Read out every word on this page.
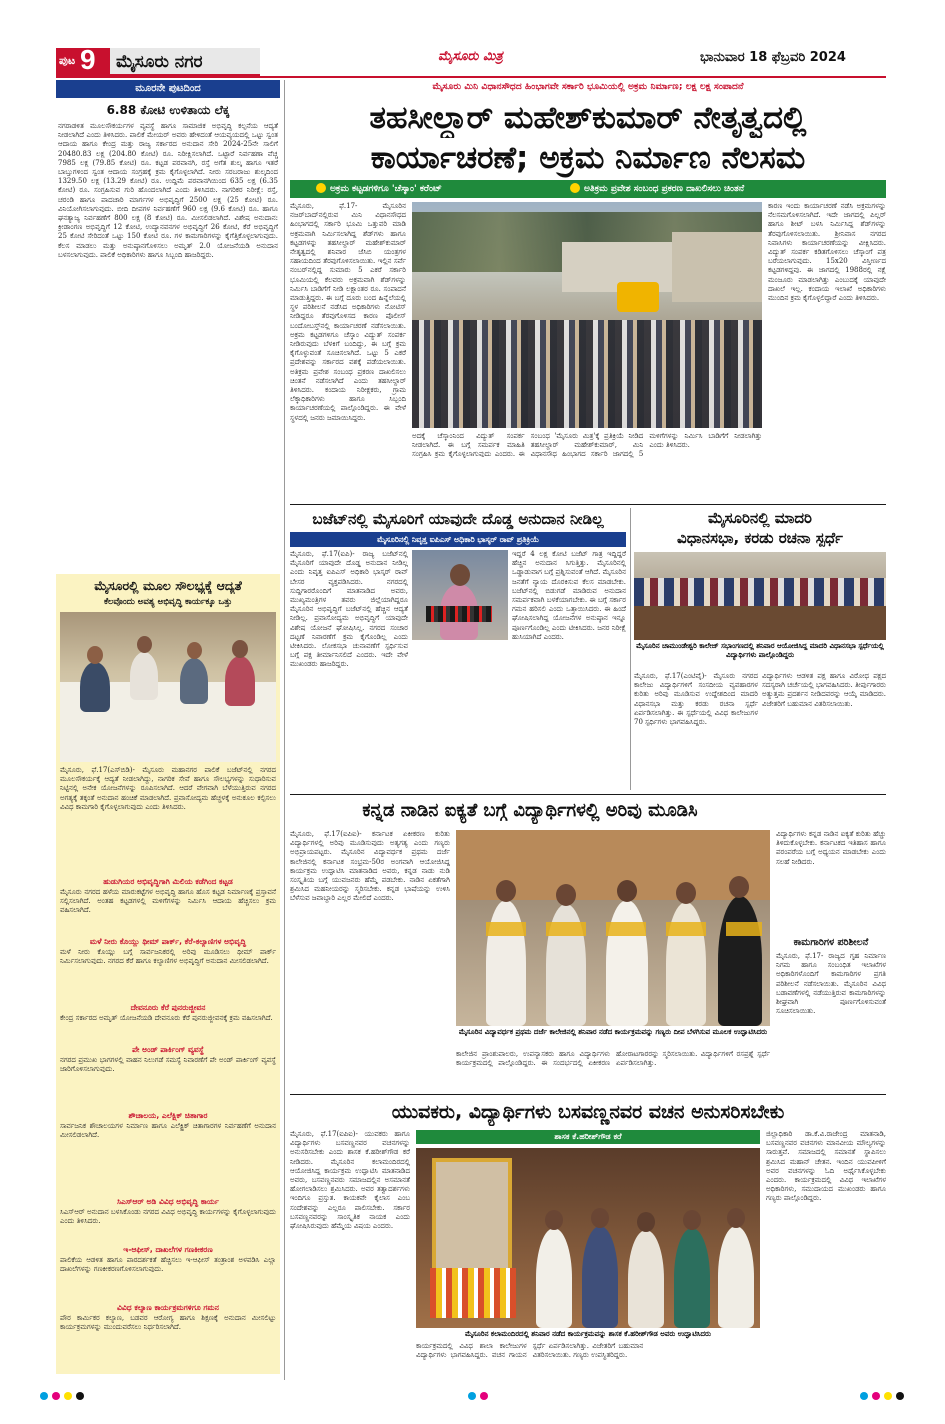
ಪುಟ 9 ಮೈಸೂರು ನಗರ	ಮೈಸೂರು ಮಿತ್ರ	ಭಾನುವಾರ 18 ಫೆಬ್ರವರಿ 2024
ಮೂರನೇ ಪುಟದಿಂದ
6.88 ಕೋಟಿ ಉಳಿತಾಯ ಲೆಕ್ಕ
ನಗರಾಡಳಿತ ಮೂಲಸೌಕರ್ಯಗಳ ವ್ಯವಸ್ಥೆ ಹಾಗೂ ಸಾಮಾಜಿಕ ಅಭಿವೃದ್ಧಿ ಕಲ್ಪನೆಯ ಆದ್ಯತೆ ನೀಡಲಾಗಿದೆ ಎಂದು ತಿಳಿಸಿದರು. ಪಾಲಿಕೆ ಮೇಯರ್ ಅವರು ಹೇಳಿದಂತೆ ಆಯವ್ಯಯದಲ್ಲಿ ಒಟ್ಟು ಸ್ವಂತ ಆದಾಯ ಹಾಗೂ ಕೇಂದ್ರ ಮತ್ತು ರಾಜ್ಯ ಸರ್ಕಾರದ ಅನುದಾನ ಸೇರಿ 2024-25ನೇ ಸಾಲಿಗೆ 20480.83 ಲಕ್ಷ (204.80 ಕೋಟಿ) ರೂ. ನಿರೀಕ್ಷಿಸಲಾಗಿದೆ. ಒಟ್ಟಾರೆ ನಿರ್ವಹಣಾ ವೆಚ್ಚ 7985 ಲಕ್ಷ (79.85 ಕೋಟಿ) ರೂ. ಕಟ್ಟಡ ಪರವಾನಗಿ, ರಸ್ತೆ ಅಗೆತ ಶುಲ್ಕ ಹಾಗೂ ಇತರೆ ಬಾಬ್ತುಗಳಿಂದ ಸ್ವಂತ ಆದಾಯ ಸಂಗ್ರಹಕ್ಕೆ ಕ್ರಮ ಕೈಗೊಳ್ಳಲಾಗಿದೆ. ನೀರು ಸರಬರಾಜು ಶುಲ್ಕದಿಂದ 1329.50 ಲಕ್ಷ (13.29 ಕೋಟಿ) ರೂ. ಉದ್ದಿಮೆ ಪರವಾನಗಿಯಿಂದ 635 ಲಕ್ಷ (6.35 ಕೋಟಿ) ರೂ. ಸಂಗ್ರಹಿಸುವ ಗುರಿ ಹೊಂದಲಾಗಿದೆ ಎಂದು ತಿಳಿಸಿದರು. ನಾಗರಿಕರ ನಿರೀಕ್ಷೆ: ರಸ್ತೆ, ಚರಂಡಿ ಹಾಗೂ ಪಾದಚಾರಿ ಮಾರ್ಗಗಳ ಅಭಿವೃದ್ಧಿಗೆ 2500 ಲಕ್ಷ (25 ಕೋಟಿ) ರೂ. ವಿನಿಯೋಗಿಸಲಾಗುವುದು. ಬೀದಿ ದೀಪಗಳ ನಿರ್ವಹಣೆಗೆ 960 ಲಕ್ಷ (9.6 ಕೋಟಿ) ರೂ. ಹಾಗೂ ಘನತ್ಯಾಜ್ಯ ನಿರ್ವಹಣೆಗೆ 800 ಲಕ್ಷ (8 ಕೋಟಿ) ರೂ. ಮೀಸಲಿಡಲಾಗಿದೆ. ವಿಶೇಷ ಅನುದಾನ: ಕ್ರೀಡಾಂಗಣ ಅಭಿವೃದ್ಧಿಗೆ 12 ಕೋಟಿ, ಉದ್ಯಾನವನಗಳ ಅಭಿವೃದ್ಧಿಗೆ 26 ಕೋಟಿ, ಕೆರೆ ಅಭಿವೃದ್ಧಿಗೆ 25 ಕೋಟಿ ಸೇರಿದಂತೆ ಒಟ್ಟು 150 ಕೋಟಿ ರೂ. ಗಳ ಕಾಮಗಾರಿಗಳನ್ನು ಕೈಗೆತ್ತಿಕೊಳ್ಳಲಾಗುವುದು. ಕೆಲಸ ಮಾಡಲು ಮತ್ತು ಅನುಷ್ಠಾನಗೊಳಿಸಲು ಅಮೃತ್ 2.0 ಯೋಜನೆಯಡಿ ಅನುದಾನ ಬಳಸಲಾಗುವುದು. ಪಾಲಿಕೆ ಅಧಿಕಾರಿಗಳು ಹಾಗೂ ಸಿಬ್ಬಂದಿ ಹಾಜರಿದ್ದರು.
ಮೈಸೂರಲ್ಲಿ ಮೂಲ ಸೌಲಭ್ಯಕ್ಕೆ ಆದ್ಯತೆ
ಕೆಲವೊಂದು ಅವಶ್ಯ ಅಭಿವೃದ್ಧಿ ಕಾರ್ಯಕ್ಕೂ ಒತ್ತು
ಮೈಸೂರು, ಫೆ.17(ಎಸ್‌ಬಿಡಿ)- ಮೈಸೂರು ಮಹಾನಗರ ಪಾಲಿಕೆ ಬಜೆಟ್‌ನಲ್ಲಿ ನಗರದ ಮೂಲಸೌಕರ್ಯಕ್ಕೆ ಆದ್ಯತೆ ನೀಡಲಾಗಿದ್ದು, ನಾಗರಿಕ ಸೇವೆ ಹಾಗೂ ಸೌಲಭ್ಯಗಳನ್ನು ಸುಧಾರಿಸುವ ನಿಟ್ಟಿನಲ್ಲಿ ಅನೇಕ ಯೋಜನೆಗಳನ್ನು ರೂಪಿಸಲಾಗಿದೆ. ಆದರೆ ವೇಗವಾಗಿ ಬೆಳೆಯುತ್ತಿರುವ ನಗರದ ಅಗತ್ಯಕ್ಕೆ ತಕ್ಕಂತೆ ಅನುದಾನ ಹಂಚಿಕೆ ಮಾಡಲಾಗಿದೆ. ಪ್ರವಾಸೋದ್ಯಮ ಹೆಚ್ಚಳಕ್ಕೆ ಅನುಕೂಲ ಕಲ್ಪಿಸಲು ವಿವಿಧ ಕಾಮಗಾರಿ ಕೈಗೊಳ್ಳಲಾಗುವುದು ಎಂದು ತಿಳಿಸಿದರು.
ಹುಡುಗಿಯರ ಅಭಿವೃದ್ಧಿಗಾಗಿ ಮಿಲಿಯ ಕಡೆಗಿಂದ ಕಟ್ಟಡ
ಮೈಸೂರು ನಗರದ ಹಳೆಯ ಮಾರುಕಟ್ಟೆಗಳ ಅಭಿವೃದ್ಧಿ ಹಾಗೂ ಹೊಸ ಕಟ್ಟಡ ನಿರ್ಮಾಣಕ್ಕೆ ಪ್ರಸ್ತಾವನೆ ಸಲ್ಲಿಸಲಾಗಿದೆ. ಅಂತಹ ಕಟ್ಟಡಗಳಲ್ಲಿ ಮಳಿಗೆಗಳನ್ನು ನಿರ್ಮಿಸಿ ಆದಾಯ ಹೆಚ್ಚಿಸಲು ಕ್ರಮ ವಹಿಸಲಾಗಿದೆ.
ಮಳೆ ನೀರು ಕೊಯ್ಲು ಥೀಮ್ ಪಾರ್ಕ್, ಕೆರೆ-ಕಲ್ಯಾಣಿಗಳ ಅಭಿವೃದ್ಧಿ
ಮಳೆ ನೀರು ಕೊಯ್ಲು ಬಗ್ಗೆ ಸಾರ್ವಜನಿಕರಲ್ಲಿ ಅರಿವು ಮೂಡಿಸಲು ಥೀಮ್ ಪಾರ್ಕ್ ನಿರ್ಮಿಸಲಾಗುವುದು. ನಗರದ ಕೆರೆ ಹಾಗೂ ಕಲ್ಯಾಣಿಗಳ ಅಭಿವೃದ್ಧಿಗೆ ಅನುದಾನ ಮೀಸಲಿಡಲಾಗಿದೆ.
ದೇವನೂರು ಕೆರೆ ಪುನರುಜ್ಜೀವನ
ಕೇಂದ್ರ ಸರ್ಕಾರದ ಅಮೃತ್ ಯೋಜನೆಯಡಿ ದೇವನೂರು ಕೆರೆ ಪುನರುಜ್ಜೀವನಕ್ಕೆ ಕ್ರಮ ವಹಿಸಲಾಗಿದೆ.
ಪೇ ಅಂಡ್ ಪಾರ್ಕಿಂಗ್ ವ್ಯವಸ್ಥೆ
ನಗರದ ಪ್ರಮುಖ ಭಾಗಗಳಲ್ಲಿ ವಾಹನ ನಿಲುಗಡೆ ಸಮಸ್ಯೆ ನಿವಾರಣೆಗೆ ಪೇ ಅಂಡ್ ಪಾರ್ಕಿಂಗ್ ವ್ಯವಸ್ಥೆ ಜಾರಿಗೊಳಿಸಲಾಗುವುದು.
ಶೌಚಾಲಯ, ಎಲೆಕ್ಟ್ರಿಕ್ ಚಿತಾಗಾರ
ಸಾರ್ವಜನಿಕ ಶೌಚಾಲಯಗಳ ನಿರ್ಮಾಣ ಹಾಗೂ ಎಲೆಕ್ಟ್ರಿಕ್ ಚಿತಾಗಾರಗಳ ನಿರ್ವಹಣೆಗೆ ಅನುದಾನ ಮೀಸಲಿಡಲಾಗಿದೆ.
ಸಿಎಸ್‌ಆರ್ ಅಡಿ ವಿವಿಧ ಅಭಿವೃದ್ಧಿ ಕಾರ್ಯ
ಸಿಎಸ್‌ಆರ್ ಅನುದಾನ ಬಳಸಿಕೊಂಡು ನಗರದ ವಿವಿಧ ಅಭಿವೃದ್ಧಿ ಕಾರ್ಯಗಳನ್ನು ಕೈಗೊಳ್ಳಲಾಗುವುದು ಎಂದು ತಿಳಿಸಿದರು.
ಇ-ಆಫೀಸ್, ದಾಖಲೆಗಳ ಗಣಕೀಕರಣ
ಪಾಲಿಕೆಯ ಆಡಳಿತ ಹಾಗೂ ಪಾರದರ್ಶಕತೆ ಹೆಚ್ಚಿಸಲು ಇ-ಆಫೀಸ್ ತಂತ್ರಾಂಶ ಅಳವಡಿಸಿ ಎಲ್ಲಾ ದಾಖಲೆಗಳನ್ನು ಗಣಕೀಕರಣಗೊಳಿಸಲಾಗುವುದು.
ವಿವಿಧ ಕಲ್ಯಾಣ ಕಾರ್ಯಕ್ರಮಗಳಿಗೂ ಗಮನ
ಪೌರ ಕಾರ್ಮಿಕರ ಕಲ್ಯಾಣ, ಬಡವರ ಆರೋಗ್ಯ ಹಾಗೂ ಶಿಕ್ಷಣಕ್ಕೆ ಅನುದಾನ ಮೀಸಲಿಟ್ಟು ಕಾರ್ಯಕ್ರಮಗಳನ್ನು ಮುಂದುವರೆಸಲು ನಿರ್ಧರಿಸಲಾಗಿದೆ.
ಮೈಸೂರು ಮಿನಿ ವಿಧಾನಸೌಧದ ಹಿಂಭಾಗವೇ ಸರ್ಕಾರಿ ಭೂಮಿಯಲ್ಲಿ ಅಕ್ರಮ ನಿರ್ಮಾಣ; ಲಕ್ಷ ಲಕ್ಷ ಸಂಪಾದನೆ
ತಹಸೀಲ್ದಾರ್ ಮಹೇಶ್‌ಕುಮಾರ್ ನೇತೃತ್ವದಲ್ಲಿ
ಕಾರ್ಯಾಚರಣೆ; ಅಕ್ರಮ ನಿರ್ಮಾಣ ನೆಲಸಮ
ಅಕ್ರಮ ಕಟ್ಟಡಗಳಿಗೂ 'ಚೆಸ್ಕಾಂ' ಕರೆಂಟ್	ಅತಿಕ್ರಮ ಪ್ರವೇಶ ಸಂಬಂಧ ಪ್ರಕರಣ ದಾಖಲಿಸಲು ಚಿಂತನೆ
ಮೈಸೂರು, ಫೆ.17- ಮೈಸೂರಿನ ನಜರ್‌ಬಾದ್‌ನಲ್ಲಿರುವ ಮಿನಿ ವಿಧಾನಸೌಧದ ಹಿಂಭಾಗದಲ್ಲಿ ಸರ್ಕಾರಿ ಭೂಮಿ ಒತ್ತುವರಿ ಮಾಡಿ ಅಕ್ರಮವಾಗಿ ನಿರ್ಮಿಸಲಾಗಿದ್ದ ಶೆಡ್‌ಗಳು ಹಾಗೂ ಕಟ್ಟಡಗಳನ್ನು ತಹಸೀಲ್ದಾರ್ ಮಹೇಶ್‌ಕುಮಾರ್ ನೇತೃತ್ವದಲ್ಲಿ ಶನಿವಾರ ಜೆಸಿಬಿ ಯಂತ್ರಗಳ ಸಹಾಯದಿಂದ ತೆರವುಗೊಳಿಸಲಾಯಿತು. ಇಲ್ಲಿನ ಸರ್ವೆ ನಂಬರ್‌ನಲ್ಲಿದ್ದ ಸುಮಾರು 5 ಎಕರೆ ಸರ್ಕಾರಿ ಭೂಮಿಯಲ್ಲಿ ಕೆಲವರು ಅಕ್ರಮವಾಗಿ ಶೆಡ್‌ಗಳನ್ನು ನಿರ್ಮಿಸಿ ಬಾಡಿಗೆಗೆ ನೀಡಿ ಲಕ್ಷಾಂತರ ರೂ. ಸಂಪಾದನೆ ಮಾಡುತ್ತಿದ್ದರು. ಈ ಬಗ್ಗೆ ದೂರು ಬಂದ ಹಿನ್ನೆಲೆಯಲ್ಲಿ ಸ್ಥಳ ಪರಿಶೀಲನೆ ನಡೆಸಿದ ಅಧಿಕಾರಿಗಳು ನೋಟಿಸ್ ನೀಡಿದ್ದರೂ ತೆರವುಗೊಳಿಸದ ಕಾರಣ ಪೊಲೀಸ್ ಬಂದೋಬಸ್ತ್‌ನಲ್ಲಿ ಕಾರ್ಯಾಚರಣೆ ನಡೆಸಲಾಯಿತು. ಅಕ್ರಮ ಕಟ್ಟಡಗಳಿಗೂ ಚೆಸ್ಕಾಂ ವಿದ್ಯುತ್ ಸಂಪರ್ಕ ನೀಡಿರುವುದು ಬೆಳಕಿಗೆ ಬಂದಿದ್ದು, ಈ ಬಗ್ಗೆ ಕ್ರಮ ಕೈಗೊಳ್ಳುವಂತೆ ಸೂಚಿಸಲಾಗಿದೆ. ಒಟ್ಟು 5 ಎಕರೆ ಪ್ರದೇಶವನ್ನು ಸರ್ಕಾರದ ವಶಕ್ಕೆ ಪಡೆಯಲಾಯಿತು. ಅತಿಕ್ರಮ ಪ್ರವೇಶ ಸಂಬಂಧ ಪ್ರಕರಣ ದಾಖಲಿಸಲು ಚಿಂತನೆ ನಡೆಸಲಾಗಿದೆ ಎಂದು ತಹಸೀಲ್ದಾರ್ ತಿಳಿಸಿದರು. ಕಂದಾಯ ನಿರೀಕ್ಷಕರು, ಗ್ರಾಮ ಲೆಕ್ಕಾಧಿಕಾರಿಗಳು ಹಾಗೂ ಸಿಬ್ಬಂದಿ ಕಾರ್ಯಾಚರಣೆಯಲ್ಲಿ ಪಾಲ್ಗೊಂಡಿದ್ದರು. ಈ ವೇಳೆ ಸ್ಥಳದಲ್ಲಿ ಜನರು ಜಮಾಯಿಸಿದ್ದರು.
ಕಾರಣ ಇಂದು ಕಾರ್ಯಾಚರಣೆ ನಡೆಸಿ ಅಕ್ರಮಗಳನ್ನು ನೆಲಸಮಗೊಳಿಸಲಾಗಿದೆ. ಇದೇ ಜಾಗದಲ್ಲಿ ಪಿಲ್ಲರ್ ಹಾಗೂ ಶೀಟ್ ಬಳಸಿ ನಿರ್ಮಿಸಿದ್ದ ಶೆಡ್‌ಗಳನ್ನು ತೆರವುಗೊಳಿಸಲಾಯಿತು. ಶ್ರೀನಿವಾಸ ನಗರದ ನಿವಾಸಿಗಳು ಕಾರ್ಯಾಚರಣೆಯನ್ನು ವೀಕ್ಷಿಸಿದರು. ವಿದ್ಯುತ್ ಸಂಪರ್ಕ ಕಡಿತಗೊಳಿಸಲು ಚೆಸ್ಕಾಂಗೆ ಪತ್ರ ಬರೆಯಲಾಗುವುದು. 15x20 ವಿಸ್ತೀರ್ಣದ ಕಟ್ಟಡಗಳಿದ್ದವು. ಈ ಜಾಗದಲ್ಲಿ 1988ರಲ್ಲಿ ನಕ್ಷೆ ಮಂಜೂರು ಮಾಡಲಾಗಿತ್ತು ಎಂಬುದಕ್ಕೆ ಯಾವುದೇ ದಾಖಲೆ ಇಲ್ಲ. ಕಂದಾಯ ಇಲಾಖೆ ಅಧಿಕಾರಿಗಳು ಮುಂದಿನ ಕ್ರಮ ಕೈಗೊಳ್ಳಲಿದ್ದಾರೆ ಎಂದು ತಿಳಿಸಿದರು.
ಅದಕ್ಕೆ ಚೆಸ್ಕಾಂನಿಂದ ವಿದ್ಯುತ್ ಸಂಪರ್ಕ ನೀಡಲಾಗಿದೆ. ಈ ಬಗ್ಗೆ ಸಮರ್ಪಕ ಮಾಹಿತಿ ಸಂಗ್ರಹಿಸಿ ಕ್ರಮ ಕೈಗೊಳ್ಳಲಾಗುವುದು ಎಂದರು. ಈ ಸಂಬಂಧ 'ಮೈಸೂರು ಮಿತ್ರ'ಕ್ಕೆ ಪ್ರತಿಕ್ರಿಯೆ ನೀಡಿದ ತಹಸೀಲ್ದಾರ್ ಮಹೇಶ್‌ಕುಮಾರ್, ಮಿನಿ ವಿಧಾನಸೌಧ ಹಿಂಭಾಗದ ಸರ್ಕಾರಿ ಜಾಗದಲ್ಲಿ 5 ಮಳಿಗೆಗಳನ್ನು ನಿರ್ಮಿಸಿ ಬಾಡಿಗೆಗೆ ನೀಡಲಾಗಿತ್ತು ಎಂದು ತಿಳಿಸಿದರು.
ಬಜೆಟ್‌ನಲ್ಲಿ ಮೈಸೂರಿಗೆ ಯಾವುದೇ ದೊಡ್ಡ ಅನುದಾನ ನೀಡಿಲ್ಲ
ಮೈಸೂರಿನಲ್ಲಿ ನಿವೃತ್ತ ಐಪಿಎಸ್ ಅಧಿಕಾರಿ ಭಾಸ್ಕರ್ ರಾವ್ ಪ್ರತಿಕ್ರಿಯೆ
ಮೈಸೂರು, ಫೆ.17(ಐಪಿ)- ರಾಜ್ಯ ಬಜೆಟ್‌ನಲ್ಲಿ ಮೈಸೂರಿಗೆ ಯಾವುದೇ ದೊಡ್ಡ ಅನುದಾನ ನೀಡಿಲ್ಲ ಎಂದು ನಿವೃತ್ತ ಐಪಿಎಸ್ ಅಧಿಕಾರಿ ಭಾಸ್ಕರ್ ರಾವ್ ಬೇಸರ ವ್ಯಕ್ತಪಡಿಸಿದರು. ನಗರದಲ್ಲಿ ಸುದ್ದಿಗಾರರೊಂದಿಗೆ ಮಾತನಾಡಿದ ಅವರು, ಮುಖ್ಯಮಂತ್ರಿಗಳ ತವರು ಜಿಲ್ಲೆಯಾಗಿದ್ದರೂ ಮೈಸೂರಿನ ಅಭಿವೃದ್ಧಿಗೆ ಬಜೆಟ್‌ನಲ್ಲಿ ಹೆಚ್ಚಿನ ಆದ್ಯತೆ ನೀಡಿಲ್ಲ. ಪ್ರವಾಸೋದ್ಯಮ ಅಭಿವೃದ್ಧಿಗೆ ಯಾವುದೇ ವಿಶೇಷ ಯೋಜನೆ ಘೋಷಿಸಿಲ್ಲ. ನಗರದ ಸಂಚಾರ ದಟ್ಟಣೆ ನಿವಾರಣೆಗೆ ಕ್ರಮ ಕೈಗೊಂಡಿಲ್ಲ ಎಂದು ಟೀಕಿಸಿದರು. ಲೋಕಸಭಾ ಚುನಾವಣೆಗೆ ಸ್ಪರ್ಧಿಸುವ ಬಗ್ಗೆ ಪಕ್ಷ ತೀರ್ಮಾನಿಸಲಿದೆ ಎಂದರು. ಇದೇ ವೇಳೆ ಮುಖಂಡರು ಹಾಜರಿದ್ದರು.
ಇದ್ದರೆ 4 ಲಕ್ಷ ಕೋಟಿ ಬಜೆಟ್ ಗಾತ್ರ ಇದ್ದಿದ್ದರೆ ಹೆಚ್ಚಿನ ಅನುದಾನ ಸಿಗುತ್ತಿತ್ತು. ಮೈಸೂರಿನಲ್ಲಿ ಒಡ್ಡಾಡುವಾಗ ಬಗ್ಗೆ ಪ್ರಶ್ನಿಸುವಂತೆ ಆಗಿದೆ. ಮೈಸೂರಿನ ಜನತೆಗೆ ನ್ಯಾಯ ದೊರಕಿಸುವ ಕೆಲಸ ಮಾಡಬೇಕು. ಬಜೆಟ್‌ನಲ್ಲಿ ಬಿಡುಗಡೆ ಮಾಡಿರುವ ಅನುದಾನ ಸಮರ್ಪಕವಾಗಿ ಬಳಕೆಯಾಗಬೇಕು. ಈ ಬಗ್ಗೆ ಸರ್ಕಾರ ಗಮನ ಹರಿಸಲಿ ಎಂದು ಒತ್ತಾಯಿಸಿದರು. ಈ ಹಿಂದೆ ಘೋಷಿಸಲಾಗಿದ್ದ ಯೋಜನೆಗಳ ಅನುಷ್ಠಾನ ಇನ್ನೂ ಪೂರ್ಣಗೊಂಡಿಲ್ಲ ಎಂದು ಟೀಕಿಸಿದರು. ಜನರ ನಿರೀಕ್ಷೆ ಹುಸಿಯಾಗಿದೆ ಎಂದರು.
ಮೈಸೂರಿನಲ್ಲಿ ಮಾದರಿ
ವಿಧಾನಸಭಾ, ಕರಡು ರಚನಾ ಸ್ಪರ್ಧೆ
ಮೈಸೂರಿನ ಚಾಮುಂಡೇಶ್ವರಿ ಕಾಲೇಜ್ ಸಭಾಂಗಣದಲ್ಲಿ ಶನಿವಾರ ಆಯೋಜಿಸಿದ್ದ ಮಾದರಿ ವಿಧಾನಸಭಾ ಸ್ಪರ್ಧೆಯಲ್ಲಿ ವಿದ್ಯಾರ್ಥಿಗಳು ಪಾಲ್ಗೊಂಡಿದ್ದರು
ಮೈಸೂರು, ಫೆ.17(ಎಂಟಿವೈ)- ಮೈಸೂರು ನಗರದ ಕಾಲೇಜು ವಿದ್ಯಾರ್ಥಿಗಳಿಗೆ ಸಂಸದೀಯ ವ್ಯವಹಾರಗಳ ಕುರಿತು ಅರಿವು ಮೂಡಿಸುವ ಉದ್ದೇಶದಿಂದ ಮಾದರಿ ವಿಧಾನಸಭಾ ಮತ್ತು ಕರಡು ರಚನಾ ಸ್ಪರ್ಧೆ ಏರ್ಪಡಿಸಲಾಗಿತ್ತು. ಈ ಸ್ಪರ್ಧೆಯಲ್ಲಿ ವಿವಿಧ ಕಾಲೇಜುಗಳ 70 ಸ್ಪರ್ಧಿಗಳು ಭಾಗವಹಿಸಿದ್ದರು.
ವಿದ್ಯಾರ್ಥಿಗಳು ಆಡಳಿತ ಪಕ್ಷ ಹಾಗೂ ವಿರೋಧ ಪಕ್ಷದ ಸದಸ್ಯರಾಗಿ ಚರ್ಚೆಯಲ್ಲಿ ಭಾಗವಹಿಸಿದರು. ತೀರ್ಪುಗಾರರು ಅತ್ಯುತ್ತಮ ಪ್ರದರ್ಶನ ನೀಡಿದವರನ್ನು ಆಯ್ಕೆ ಮಾಡಿದರು. ವಿಜೇತರಿಗೆ ಬಹುಮಾನ ವಿತರಿಸಲಾಯಿತು.
ಕನ್ನಡ ನಾಡಿನ ಐಕ್ಯತೆ ಬಗ್ಗೆ ವಿದ್ಯಾರ್ಥಿಗಳಲ್ಲಿ ಅರಿವು ಮೂಡಿಸಿ
ಮೈಸೂರು, ಫೆ.17(ಐಪಿಐ)- ಕರ್ನಾಟಕ ಏಕೀಕರಣ ಕುರಿತು ವಿದ್ಯಾರ್ಥಿಗಳಲ್ಲಿ ಅರಿವು ಮೂಡಿಸುವುದು ಅತ್ಯಗತ್ಯ ಎಂದು ಗಣ್ಯರು ಅಭಿಪ್ರಾಯಪಟ್ಟರು. ಮೈಸೂರಿನ ವಿದ್ಯಾವರ್ಧಕ ಪ್ರಥಮ ದರ್ಜೆ ಕಾಲೇಜಿನಲ್ಲಿ ಕರ್ನಾಟಕ ಸಂಭ್ರಮ-50ರ ಅಂಗವಾಗಿ ಆಯೋಜಿಸಿದ್ದ ಕಾರ್ಯಕ್ರಮ ಉದ್ಘಾಟಿಸಿ ಮಾತನಾಡಿದ ಅವರು, ಕನ್ನಡ ನಾಡು ನುಡಿ ಸಂಸ್ಕೃತಿಯ ಬಗ್ಗೆ ಯುವಜನರು ಹೆಮ್ಮೆ ಪಡಬೇಕು. ನಾಡಿನ ಏಕತೆಗಾಗಿ ಶ್ರಮಿಸಿದ ಮಹನೀಯರನ್ನು ಸ್ಮರಿಸಬೇಕು. ಕನ್ನಡ ಭಾಷೆಯನ್ನು ಉಳಿಸಿ ಬೆಳೆಸುವ ಜವಾಬ್ದಾರಿ ಎಲ್ಲರ ಮೇಲಿದೆ ಎಂದರು.
ಮೈಸೂರಿನ ವಿದ್ಯಾವರ್ಧಕ ಪ್ರಥಮ ದರ್ಜೆ ಕಾಲೇಜಿನಲ್ಲಿ ಶನಿವಾರ ನಡೆದ ಕಾರ್ಯಕ್ರಮವನ್ನು ಗಣ್ಯರು ದೀಪ ಬೆಳಗಿಸುವ ಮೂಲಕ ಉದ್ಘಾಟಿಸಿದರು
ಕಾಲೇಜಿನ ಪ್ರಾಂಶುಪಾಲರು, ಉಪನ್ಯಾಸಕರು ಹಾಗೂ ವಿದ್ಯಾರ್ಥಿಗಳು ಕಾರ್ಯಕ್ರಮದಲ್ಲಿ ಪಾಲ್ಗೊಂಡಿದ್ದರು. ಈ ಸಂದರ್ಭದಲ್ಲಿ ಏಕೀಕರಣ ಹೋರಾಟಗಾರರನ್ನು ಸ್ಮರಿಸಲಾಯಿತು. ವಿದ್ಯಾರ್ಥಿಗಳಿಗೆ ರಸಪ್ರಶ್ನೆ ಸ್ಪರ್ಧೆ ಏರ್ಪಡಿಸಲಾಗಿತ್ತು.
ವಿದ್ಯಾರ್ಥಿಗಳು ಕನ್ನಡ ನಾಡಿನ ಐಕ್ಯತೆ ಕುರಿತು ಹೆಚ್ಚು ತಿಳಿದುಕೊಳ್ಳಬೇಕು. ಕರ್ನಾಟಕದ ಇತಿಹಾಸ ಹಾಗೂ ಪರಂಪರೆಯ ಬಗ್ಗೆ ಅಧ್ಯಯನ ಮಾಡಬೇಕು ಎಂದು ಸಲಹೆ ನೀಡಿದರು.
ಕಾಮಗಾರಿಗಳ ಪರಿಶೀಲನೆ
ಮೈಸೂರು, ಫೆ.17- ರಾಜ್ಯದ ಗೃಹ ನಿರ್ಮಾಣ ನಿಗಮ ಹಾಗೂ ಸಂಬಂಧಿತ ಇಲಾಖೆಗಳ ಅಧಿಕಾರಿಗಳೊಂದಿಗೆ ಕಾಮಗಾರಿಗಳ ಪ್ರಗತಿ ಪರಿಶೀಲನೆ ನಡೆಸಲಾಯಿತು. ಮೈಸೂರಿನ ವಿವಿಧ ಬಡಾವಣೆಗಳಲ್ಲಿ ನಡೆಯುತ್ತಿರುವ ಕಾಮಗಾರಿಗಳನ್ನು ಶೀಘ್ರವಾಗಿ ಪೂರ್ಣಗೊಳಿಸುವಂತೆ ಸೂಚಿಸಲಾಯಿತು.
ಯುವಕರು, ವಿದ್ಯಾರ್ಥಿಗಳು ಬಸವಣ್ಣನವರ ವಚನ ಅನುಸರಿಸಬೇಕು
ಶಾಸಕ ಕೆ.ಹರೀಶ್‌ಗೌಡ ಕರೆ
ಮೈಸೂರು, ಫೆ.17(ಐಪಿಐ)- ಯುವಕರು ಹಾಗೂ ವಿದ್ಯಾರ್ಥಿಗಳು ಬಸವಣ್ಣನವರ ವಚನಗಳನ್ನು ಅನುಸರಿಸಬೇಕು ಎಂದು ಶಾಸಕ ಕೆ.ಹರೀಶ್‌ಗೌಡ ಕರೆ ನೀಡಿದರು. ಮೈಸೂರಿನ ಕಲಾಮಂದಿರದಲ್ಲಿ ಆಯೋಜಿಸಿದ್ದ ಕಾರ್ಯಕ್ರಮ ಉದ್ಘಾಟಿಸಿ ಮಾತನಾಡಿದ ಅವರು, ಬಸವಣ್ಣನವರು ಸಮಾಜದಲ್ಲಿನ ಅಸಮಾನತೆ ಹೋಗಲಾಡಿಸಲು ಶ್ರಮಿಸಿದರು. ಅವರ ತತ್ವಾದರ್ಶಗಳು ಇಂದಿಗೂ ಪ್ರಸ್ತುತ. ಕಾಯಕವೇ ಕೈಲಾಸ ಎಂಬ ಸಂದೇಶವನ್ನು ಎಲ್ಲರೂ ಪಾಲಿಸಬೇಕು. ಸರ್ಕಾರ ಬಸವಣ್ಣನವರನ್ನು ಸಾಂಸ್ಕೃತಿಕ ನಾಯಕ ಎಂದು ಘೋಷಿಸಿರುವುದು ಹೆಮ್ಮೆಯ ವಿಷಯ ಎಂದರು.
ಮೈಸೂರಿನ ಕಲಾಮಂದಿರದಲ್ಲಿ ಶನಿವಾರ ನಡೆದ ಕಾರ್ಯಕ್ರಮವನ್ನು ಶಾಸಕ ಕೆ.ಹರೀಶ್‌ಗೌಡ ಅವರು ಉದ್ಘಾಟಿಸಿದರು
ಕಾರ್ಯಕ್ರಮದಲ್ಲಿ ವಿವಿಧ ಶಾಲಾ ಕಾಲೇಜುಗಳ ವಿದ್ಯಾರ್ಥಿಗಳು ಭಾಗವಹಿಸಿದ್ದರು. ವಚನ ಗಾಯನ ಸ್ಪರ್ಧೆ ಏರ್ಪಡಿಸಲಾಗಿತ್ತು. ವಿಜೇತರಿಗೆ ಬಹುಮಾನ ವಿತರಿಸಲಾಯಿತು. ಗಣ್ಯರು ಉಪಸ್ಥಿತರಿದ್ದರು.
ಜಿಲ್ಲಾಧಿಕಾರಿ ಡಾ.ಕೆ.ವಿ.ರಾಜೇಂದ್ರ ಮಾತನಾಡಿ, ಬಸವಣ್ಣನವರ ವಚನಗಳು ಮಾನವೀಯ ಮೌಲ್ಯಗಳನ್ನು ಸಾರುತ್ತವೆ. ಸಮಾಜದಲ್ಲಿ ಸಮಾನತೆ ಸ್ಥಾಪಿಸಲು ಶ್ರಮಿಸಿದ ಮಹಾನ್ ಚೇತನ. ಇಂದಿನ ಯುವಪೀಳಿಗೆ ಅವರ ವಚನಗಳನ್ನು ಓದಿ ಅರ್ಥೈಸಿಕೊಳ್ಳಬೇಕು ಎಂದರು. ಕಾರ್ಯಕ್ರಮದಲ್ಲಿ ವಿವಿಧ ಇಲಾಖೆಗಳ ಅಧಿಕಾರಿಗಳು, ಸಮುದಾಯದ ಮುಖಂಡರು ಹಾಗೂ ಗಣ್ಯರು ಪಾಲ್ಗೊಂಡಿದ್ದರು.
